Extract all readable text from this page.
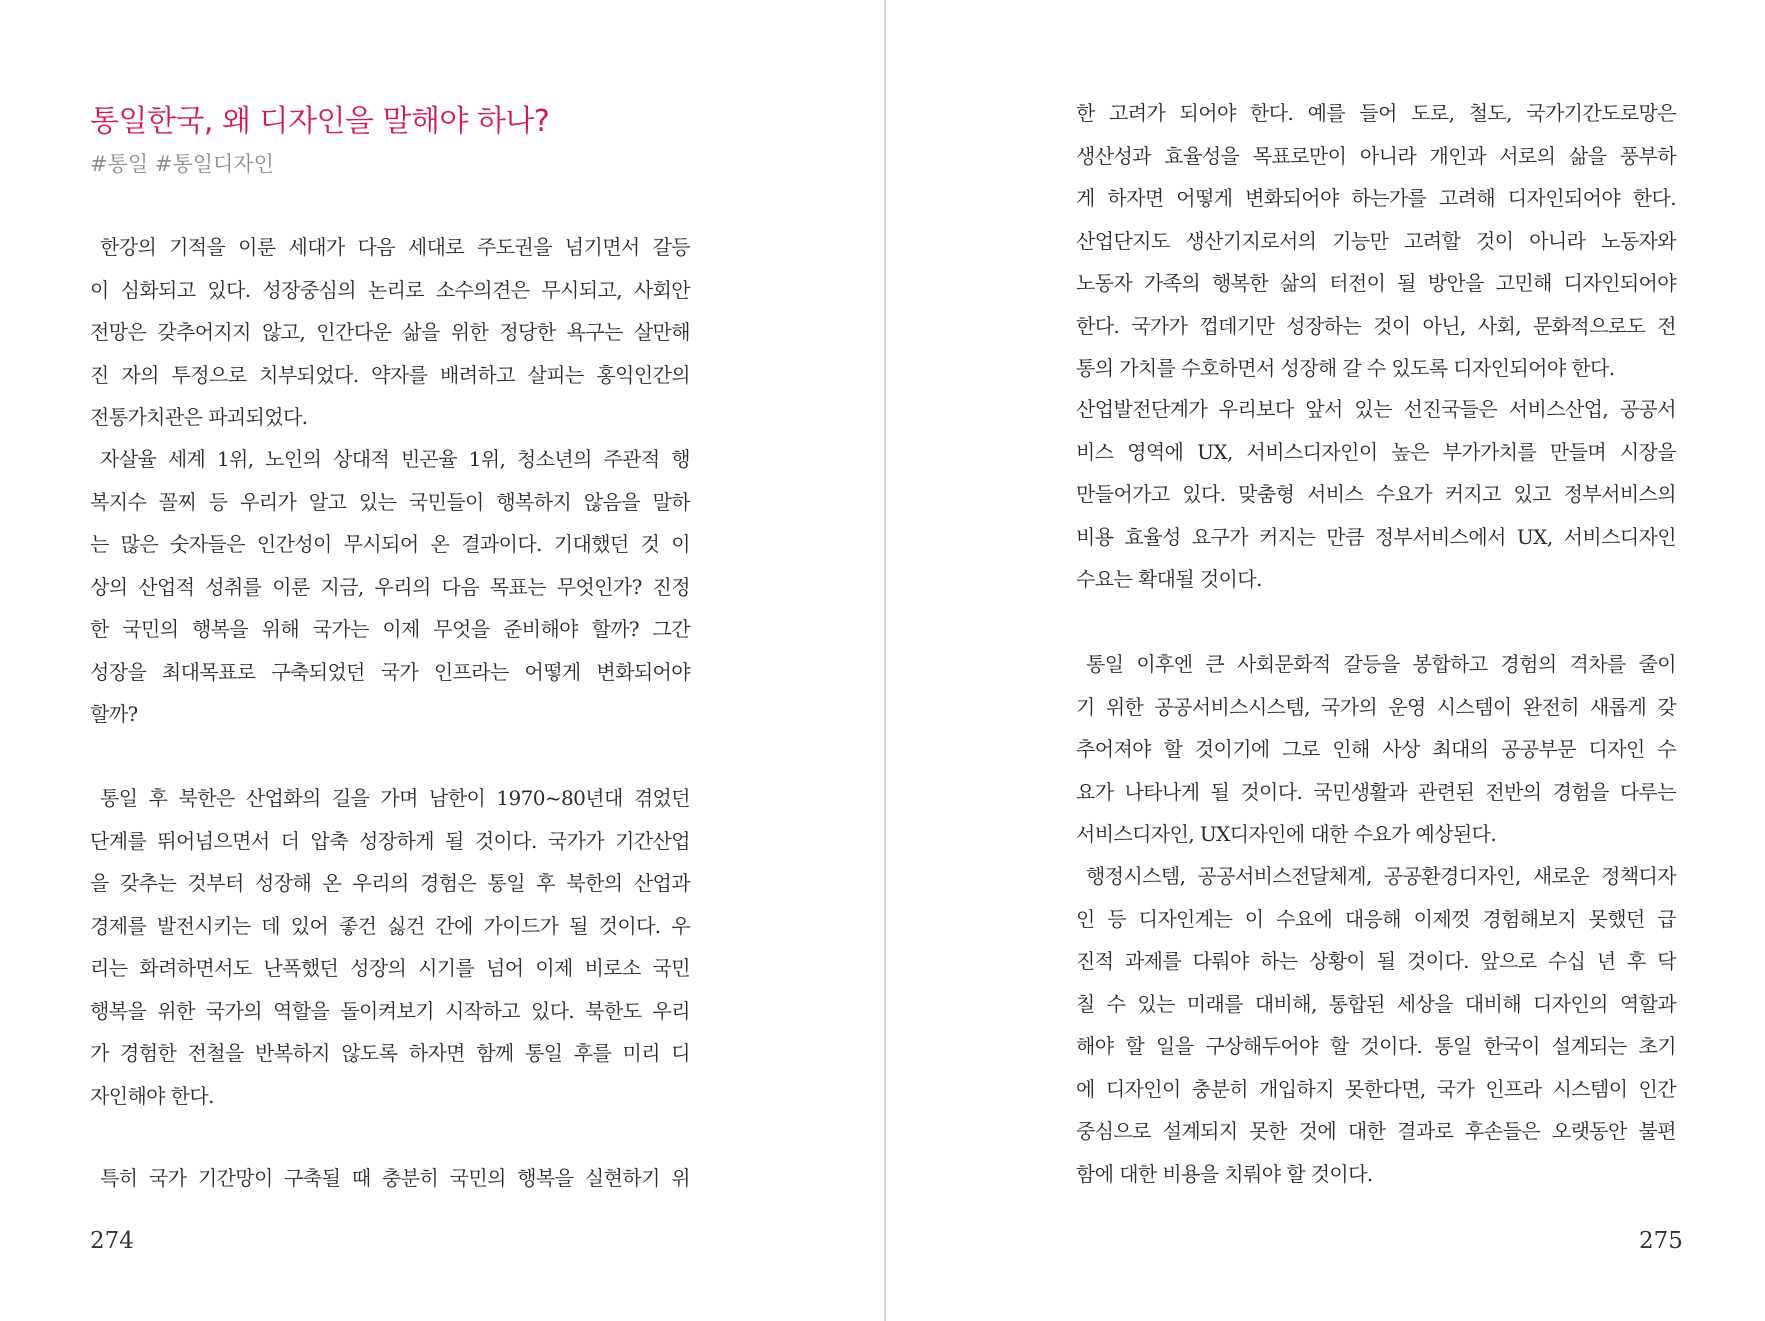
통일한국, 왜 디자인을 말해야 하나?
#통일 #통일디자인
한강의 기적을 이룬 세대가 다음 세대로 주도권을 넘기면서 갈등
이 심화되고 있다. 성장중심의 논리로 소수의견은 무시되고, 사회안
전망은 갖추어지지 않고, 인간다운 삶을 위한 정당한 욕구는 살만해
진 자의 투정으로 치부되었다. 약자를 배려하고 살피는 홍익인간의
전통가치관은 파괴되었다.
자살율 세계 1위, 노인의 상대적 빈곤율 1위, 청소년의 주관적 행
복지수 꼴찌 등 우리가 알고 있는 국민들이 행복하지 않음을 말하
는 많은 숫자들은 인간성이 무시되어 온 결과이다. 기대했던 것 이
상의 산업적 성취를 이룬 지금, 우리의 다음 목표는 무엇인가? 진정
한 국민의 행복을 위해 국가는 이제 무엇을 준비해야 할까? 그간
성장을 최대목표로 구축되었던 국가 인프라는 어떻게 변화되어야
할까?
통일 후 북한은 산업화의 길을 가며 남한이 1970~80년대 겪었던
단계를 뛰어넘으면서 더 압축 성장하게 될 것이다. 국가가 기간산업
을 갖추는 것부터 성장해 온 우리의 경험은 통일 후 북한의 산업과
경제를 발전시키는 데 있어 좋건 싫건 간에 가이드가 될 것이다. 우
리는 화려하면서도 난폭했던 성장의 시기를 넘어 이제 비로소 국민
행복을 위한 국가의 역할을 돌이켜보기 시작하고 있다. 북한도 우리
가 경험한 전철을 반복하지 않도록 하자면 함께 통일 후를 미리 디
자인해야 한다.
특히 국가 기간망이 구축될 때 충분히 국민의 행복을 실현하기 위
274
한 고려가 되어야 한다. 예를 들어 도로, 철도, 국가기간도로망은
생산성과 효율성을 목표로만이 아니라 개인과 서로의 삶을 풍부하
게 하자면 어떻게 변화되어야 하는가를 고려해 디자인되어야 한다.
산업단지도 생산기지로서의 기능만 고려할 것이 아니라 노동자와
노동자 가족의 행복한 삶의 터전이 될 방안을 고민해 디자인되어야
한다. 국가가 껍데기만 성장하는 것이 아닌, 사회, 문화적으로도 전
통의 가치를 수호하면서 성장해 갈 수 있도록 디자인되어야 한다.
산업발전단계가 우리보다 앞서 있는 선진국들은 서비스산업, 공공서
비스 영역에 UX, 서비스디자인이 높은 부가가치를 만들며 시장을
만들어가고 있다. 맞춤형 서비스 수요가 커지고 있고 정부서비스의
비용 효율성 요구가 커지는 만큼 정부서비스에서 UX, 서비스디자인
수요는 확대될 것이다.
통일 이후엔 큰 사회문화적 갈등을 봉합하고 경험의 격차를 줄이
기 위한 공공서비스시스템, 국가의 운영 시스템이 완전히 새롭게 갖
추어져야 할 것이기에 그로 인해 사상 최대의 공공부문 디자인 수
요가 나타나게 될 것이다. 국민생활과 관련된 전반의 경험을 다루는
서비스디자인, UX디자인에 대한 수요가 예상된다.
행정시스템, 공공서비스전달체계, 공공환경디자인, 새로운 정책디자
인 등 디자인계는 이 수요에 대응해 이제껏 경험해보지 못했던 급
진적 과제를 다뤄야 하는 상황이 될 것이다. 앞으로 수십 년 후 닥
칠 수 있는 미래를 대비해, 통합된 세상을 대비해 디자인의 역할과
해야 할 일을 구상해두어야 할 것이다. 통일 한국이 설계되는 초기
에 디자인이 충분히 개입하지 못한다면, 국가 인프라 시스템이 인간
중심으로 설계되지 못한 것에 대한 결과로 후손들은 오랫동안 불편
함에 대한 비용을 치뤄야 할 것이다.
275
